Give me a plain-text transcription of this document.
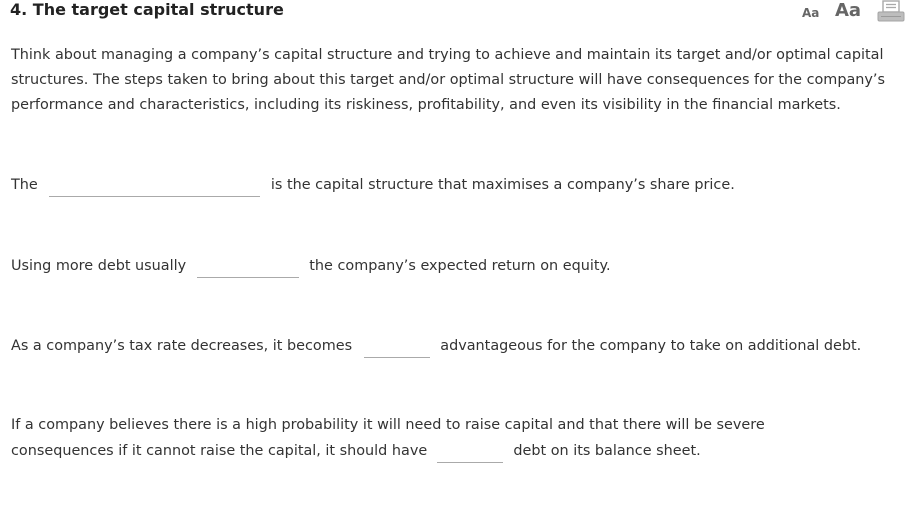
4. The target capital structure	Aa Aa

Think about managing a company’s capital structure and trying to achieve and maintain its target and/or optimal capital structures. The steps taken to bring about this target and/or optimal structure will have consequences for the company’s performance and characteristics, including its riskiness, profitability, and even its visibility in the financial markets.

The	is the capital structure that maximises a company’s share price.
Using more debt usually	the company’s expected return on equity.
As a company’s tax rate decreases, it becomes	advantageous for the company to take on additional debt.
If a company believes there is a high probability it will need to raise capital and that there will be severe
consequences if it cannot raise the capital, it should have	debt on its balance sheet.
